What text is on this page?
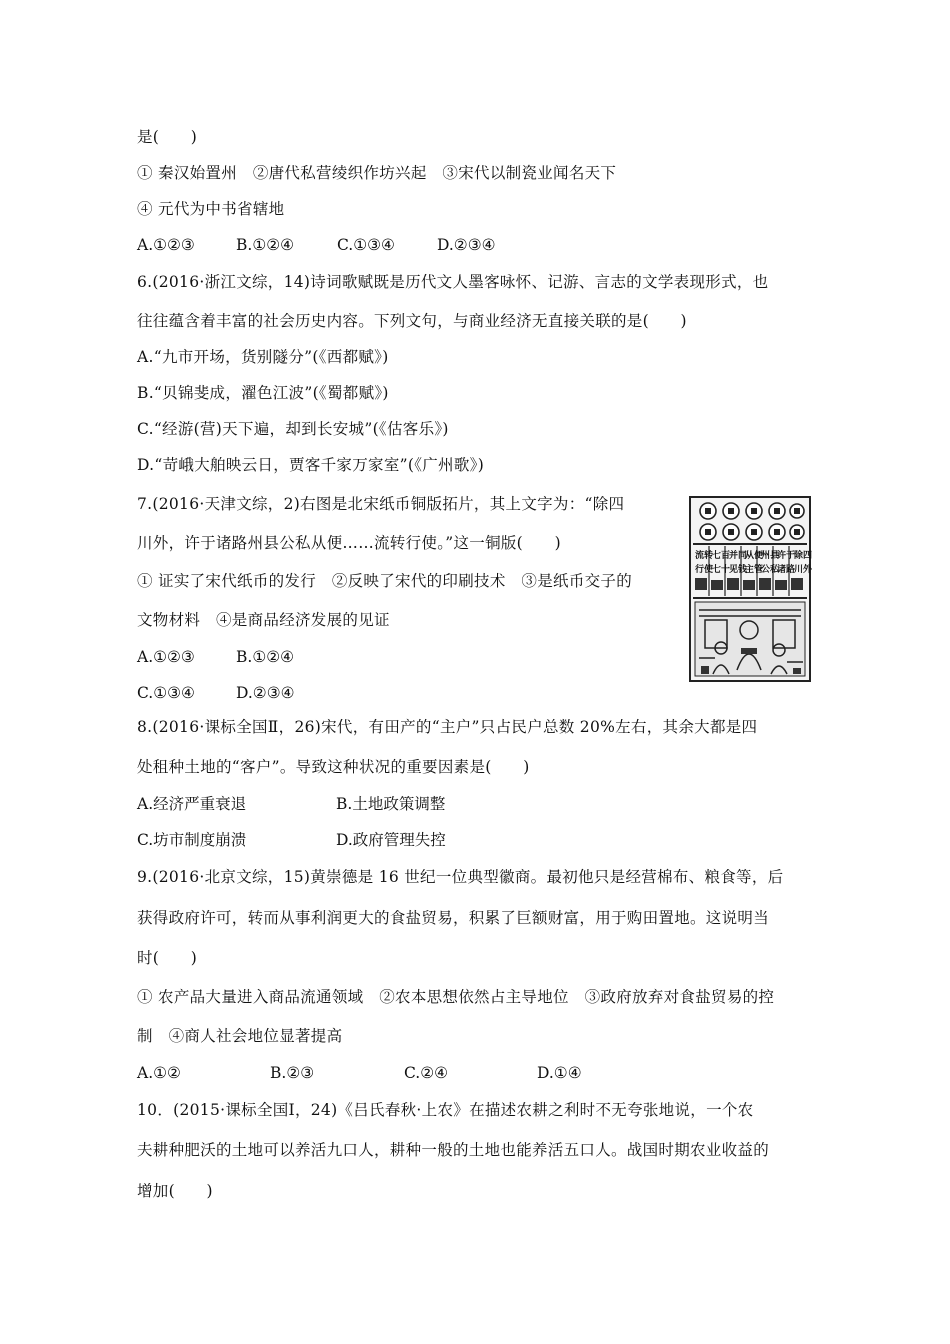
是(　　)
① 秦汉始置州　②唐代私营绫织作坊兴起　③宋代以制瓷业闻名天下
④ 元代为中书省辖地
A.①②③	B.①②④	C.①③④	D.②③④
6.(2016·浙江文综，14)诗词歌赋既是历代文人墨客咏怀、记游、言志的文学表现形式，也
往往蕴含着丰富的社会历史内容。下列文句，与商业经济无直接关联的是(　　)
A.“九市开场，货别隧分”(《西都赋》)
B.“贝锦斐成，濯色江波”(《蜀都赋》)
C.“经游(营)天下遍，却到长安城”(《估客乐》)
D.“苛峨大舶映云日，贾客千家万家室”(《广州歌》)
7.(2016·天津文综，2)右图是北宋纸币铜版拓片，其上文字为：“除四
川外，许于诸路州县公私从便……流转行使。”这一铜版(　　)
① 证实了宋代纸币的发行　②反映了宋代的印刷技术　③是纸币交子的
文物材料　④是商品经济发展的见证
A.①②③	B.①②④
C.①③④	D.②③④
除四
川外
许于
诸路
州县
公私
从便
主管
并同
见钱
七百
七十
流转
行使
8.(2016·课标全国Ⅱ，26)宋代，有田产的“主户”只占民户总数 20%左右，其余大都是四
处租种土地的“客户”。导致这种状况的重要因素是(　　)
A.经济严重衰退	B.土地政策调整
C.坊市制度崩溃	D.政府管理失控
9.(2016·北京文综，15)黄崇德是 16 世纪一位典型徽商。最初他只是经营棉布、粮食等，后
获得政府许可，转而从事利润更大的食盐贸易，积累了巨额财富，用于购田置地。这说明当
时(　　)
① 农产品大量进入商品流通领域　②农本思想依然占主导地位　③政府放弃对食盐贸易的控
制　④商人社会地位显著提高
A.①②	B.②③	C.②④	D.①④
10．(2015·课标全国Ⅰ，24)《吕氏春秋·上农》在描述农耕之利时不无夸张地说，一个农
夫耕种肥沃的土地可以养活九口人，耕种一般的土地也能养活五口人。战国时期农业收益的
增加(　　)
